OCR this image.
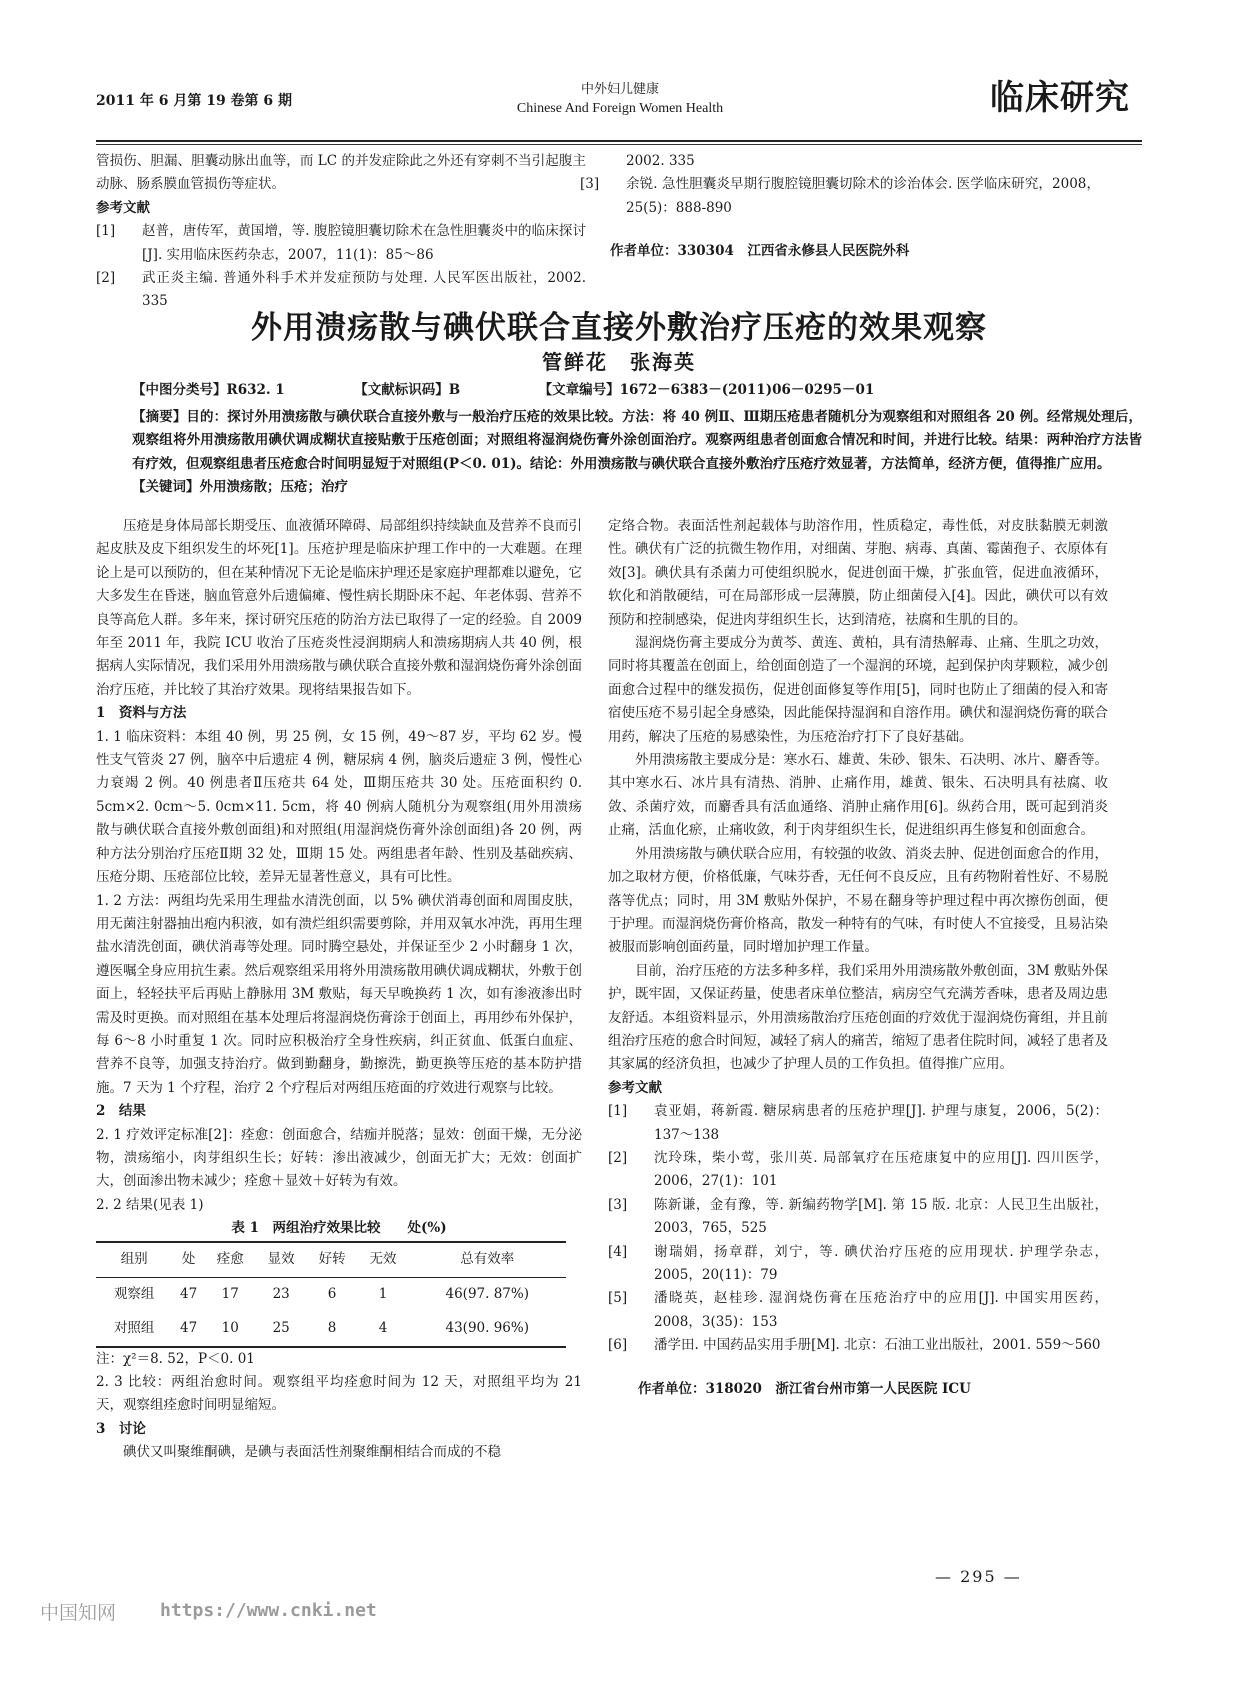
2011 年 6 月第 19 卷第 6 期
中外妇儿健康
Chinese And Foreign Women Health	临床研究

管损伤、胆漏、胆囊动脉出血等，而 LC 的并发症除此之外还有穿刺不当引起腹主动脉、肠系膜血管损伤等症状。

参考文献

[1]	赵普，唐传军，黄国增，等. 腹腔镜胆囊切除术在急性胆囊炎中的临床探讨[J]. 实用临床医药杂志，2007，11(1)：85～86
[2]	武正炎主编. 普通外科手术并发症预防与处理. 人民军医出版社，2002. 335

2002. 335

[3]	余锐. 急性胆囊炎早期行腹腔镜胆囊切除术的诊治体会. 医学临床研究，2008，25(5)：888-890

作者单位：330304　江西省永修县人民医院外科

外用溃疡散与碘伏联合直接外敷治疗压疮的效果观察
管鲜花　张海英
【中图分类号】R632. 1	【文献标识码】B	【文章编号】1672－6383－(2011)06－0295－01

【摘要】目的：探讨外用溃疡散与碘伏联合直接外敷与一般治疗压疮的效果比较。方法：将 40 例Ⅱ、Ⅲ期压疮患者随机分为观察组和对照组各 20 例。经常规处理后，观察组将外用溃疡散用碘伏调成糊状直接贴敷于压疮创面；对照组将湿润烧伤膏外涂创面治疗。观察两组患者创面愈合情况和时间，并进行比较。结果：两种治疗方法皆有疗效，但观察组患者压疮愈合时间明显短于对照组(P＜0. 01)。结论：外用溃疡散与碘伏联合直接外敷治疗压疮疗效显著，方法简单，经济方便，值得推广应用。

【关键词】外用溃疡散；压疮；治疗

压疮是身体局部长期受压、血液循环障碍、局部组织持续缺血及营养不良而引起皮肤及皮下组织发生的坏死[1]。压疮护理是临床护理工作中的一大难题。在理论上是可以预防的，但在某种情况下无论是临床护理还是家庭护理都难以避免，它大多发生在昏迷，脑血管意外后遗偏瘫、慢性病长期卧床不起、年老体弱、营养不良等高危人群。多年来，探讨研究压疮的防治方法已取得了一定的经验。自 2009 年至 2011 年，我院 ICU 收治了压疮炎性浸润期病人和溃疡期病人共 40 例，根据病人实际情况，我们采用外用溃疡散与碘伏联合直接外敷和湿润烧伤膏外涂创面治疗压疮，并比较了其治疗效果。现将结果报告如下。

1　资料与方法

1. 1 临床资料：本组 40 例，男 25 例，女 15 例，49～87 岁，平均 62 岁。慢性支气管炎 27 例，脑卒中后遗症 4 例，糖尿病 4 例，脑炎后遗症 3 例，慢性心力衰竭 2 例。40 例患者Ⅱ压疮共 64 处，Ⅲ期压疮共 30 处。压疮面积约 0. 5cm×2. 0cm～5. 0cm×11. 5cm，将 40 例病人随机分为观察组(用外用溃疡散与碘伏联合直接外敷创面组)和对照组(用湿润烧伤膏外涂创面组)各 20 例，两种方法分别治疗压疮Ⅱ期 32 处，Ⅲ期 15 处。两组患者年龄、性别及基础疾病、压疮分期、压疮部位比较，差异无显著性意义，具有可比性。

1. 2 方法：两组均先采用生理盐水清洗创面，以 5% 碘伏消毒创面和周围皮肤，用无菌注射器抽出疱内积液，如有溃烂组织需要剪除，并用双氧水冲洗，再用生理盐水清洗创面，碘伏消毒等处理。同时腾空悬处，并保证至少 2 小时翻身 1 次，遵医嘱全身应用抗生素。然后观察组采用将外用溃疡散用碘伏调成糊状，外敷于创面上，轻轻扶平后再贴上静脉用 3M 敷贴，每天早晚换药 1 次，如有渗液渗出时需及时更换。而对照组在基本处理后将湿润烧伤膏涂于创面上，再用纱布外保护，每 6～8 小时重复 1 次。同时应积极治疗全身性疾病，纠正贫血、低蛋白血症、营养不良等，加强支持治疗。做到勤翻身，勤擦洗，勤更换等压疮的基本防护措施。7 天为 1 个疗程，治疗 2 个疗程后对两组压疮面的疗效进行观察与比较。

2　结果

2. 1 疗效评定标准[2]：痊愈：创面愈合，结痂并脱落；显效：创面干燥，无分泌物，溃疡缩小，肉芽组织生长；好转：渗出液减少，创面无扩大；无效：创面扩大，创面渗出物未减少；痊愈＋显效＋好转为有效。

2. 2 结果(见表 1)

表 1　两组治疗效果比较　　处(%)

组别	处	痊愈	显效	好转	无效	总有效率
观察组	47	17	23	6	1	46(97. 87%)
对照组	47	10	25	8	4	43(90. 96%)

注：χ²＝8. 52，P＜0. 01

2. 3 比较：两组治愈时间。观察组平均痊愈时间为 12 天，对照组平均为 21 天，观察组痊愈时间明显缩短。

3　讨论

碘伏又叫聚维酮碘，是碘与表面活性剂聚维酮相结合而成的不稳

定络合物。表面活性剂起载体与助溶作用，性质稳定，毒性低，对皮肤黏膜无刺激性。碘伏有广泛的抗微生物作用，对细菌、芽胞、病毒、真菌、霉菌孢子、衣原体有效[3]。碘伏具有杀菌力可使组织脱水，促进创面干燥，扩张血管，促进血液循环，软化和消散硬结，可在局部形成一层薄膜，防止细菌侵入[4]。因此，碘伏可以有效预防和控制感染，促进肉芽组织生长，达到清疮，祛腐和生肌的目的。

湿润烧伤膏主要成分为黄芩、黄连、黄柏，具有清热解毒、止痛、生肌之功效，同时将其覆盖在创面上，给创面创造了一个湿润的环境，起到保护肉芽颗粒，减少创面愈合过程中的继发损伤，促进创面修复等作用[5]，同时也防止了细菌的侵入和寄宿使压疮不易引起全身感染，因此能保持湿润和自溶作用。碘伏和湿润烧伤膏的联合用药，解决了压疮的易感染性，为压疮治疗打下了良好基础。

外用溃疡散主要成分是：寒水石、雄黄、朱砂、银朱、石决明、冰片、麝香等。其中寒水石、冰片具有清热、消肿、止痛作用，雄黄、银朱、石决明具有祛腐、收敛、杀菌疗效，而麝香具有活血通络、消肿止痛作用[6]。纵药合用，既可起到消炎止痛，活血化瘀，止痛收敛，利于肉芽组织生长，促进组织再生修复和创面愈合。

外用溃疡散与碘伏联合应用，有较强的收敛、消炎去肿、促进创面愈合的作用，加之取材方便，价格低廉，气味芬香，无任何不良反应，且有药物附着性好、不易脱落等优点；同时，用 3M 敷贴外保护，不易在翻身等护理过程中再次擦伤创面，便于护理。而湿润烧伤膏价格高，散发一种特有的气味，有时使人不宜接受，且易沾染被服而影响创面药量，同时增加护理工作量。

目前，治疗压疮的方法多种多样，我们采用外用溃疡散外敷创面，3M 敷贴外保护，既牢固，又保证药量，使患者床单位整洁，病房空气充满芳香味，患者及周边患友舒适。本组资料显示，外用溃疡散治疗压疮创面的疗效优于湿润烧伤膏组，并且前组治疗压疮的愈合时间短，减轻了病人的痛苦，缩短了患者住院时间，减轻了患者及其家属的经济负担，也减少了护理人员的工作负担。值得推广应用。

参考文献

[1]	袁亚娟，蒋新霞. 糖尿病患者的压疮护理[J]. 护理与康复，2006，5(2)：137～138
[2]	沈玲珠，柴小莺，张川英. 局部氧疗在压疮康复中的应用[J]. 四川医学，2006，27(1)：101
[3]	陈新谦，金有豫，等. 新编药物学[M]. 第 15 版. 北京：人民卫生出版社，2003，765，525
[4]	谢瑞娟，扬章群，刘宁，等. 碘伏治疗压疮的应用现状. 护理学杂志，2005，20(11)：79
[5]	潘晓英，赵桂珍. 湿润烧伤膏在压疮治疗中的应用[J]. 中国实用医药，2008，3(35)：153
[6]	潘学田. 中国药品实用手册[M]. 北京：石油工业出版社，2001. 559～560

作者单位：318020　浙江省台州市第一人民医院 ICU

— 295 —
中国知网 https://www.cnki.net
